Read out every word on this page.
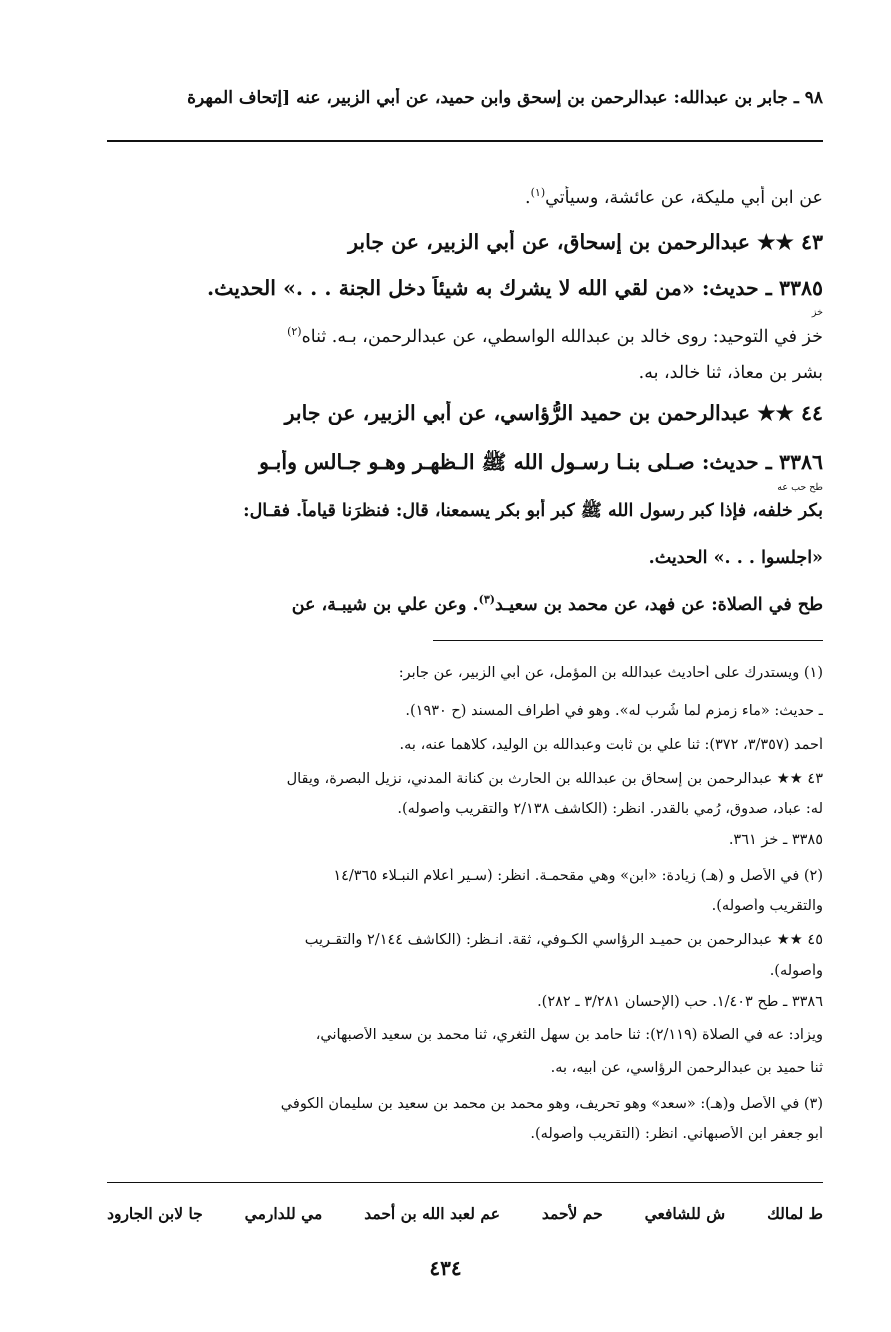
٩٨ ـ جابر بن عبدالله: عبدالرحمن بن إسحق وابن حميد، عن أبي الزبير، عنه [إتحاف المهرة
عن ابن أبي مليكة، عن عائشة، وسيأتي$^{(١)}$.
٤٣ ★★ عبدالرحمن بن إسحاق، عن أبي الزبير، عن جابر
٣٣٨٥ ـ حديث: «من لقي الله لا يشرك به شيئاً دخل الجنة . . .» الحديث.
خز
خز في التوحيد: روى خالد بن عبدالله الواسطي، عن عبدالرحمن، بـه. ثناه$^{(٢)}$
بشر بن معاذ، ثنا خالد، به.
٤٤ ★★ عبدالرحمن بن حميد الرُّؤاسي، عن أبي الزبير، عن جابر
٣٣٨٦ ـ حديث: صـلى بنـا رسـول الله ﷺ الـظهـر وهـو جـالس وأبـو
طح حب عه
بكر خلفه، فإذا كبر رسول الله ﷺ كبر أبو بكر يسمعنا، قال: فنظرَنا قياماً. فقـال:
«اجلسوا . . .» الحديث.
طح في الصلاة: عن فهد، عن محمد بن سعيـد$^{(٣)}$. وعن علي بن شيبـة، عن
(١) ويستدرك على أحاديث عبدالله بن المؤمل، عن أبي الزبير، عن جابر:
ـ حديث: «ماء زمزم لما شُرب له». وهو في أطراف المسند (ح ١٩٣٠).
أحمد (٣/٣٥٧، ٣٧٢): ثنا علي بن ثابت وعبدالله بن الوليد، كلاهما عنه، به.
٤٣ ★★ عبدالرحمن بن إسحاق بن عبدالله بن الحارث بن كنانة المدني، نزيل البصرة، ويقال
له: عباد، صدوق، رُمي بالقدر. انظر: (الكاشف ٢/١٣٨ والتقريب وأصوله).
٣٣٨٥ ـ خز ٣٦١.
(٢) في الأصل و (هـ) زيادة: «ابن» وهي مقحمـة. انظر: (سـير أعلام النبـلاء ١٤/٣٦٥
والتقريب وأصوله).
٤٥ ★★ عبدالرحمن بن حميـد الرؤاسي الكـوفي، ثقة. انـظر: (الكاشف ٢/١٤٤ والتقـريب
وأصوله).
٣٣٨٦ ـ طح ١/٤٠٣. حب (الإحسان ٣/٢٨١ ـ ٢٨٢).
ويزاد: عه في الصلاة (٢/١١٩): ثنا حامد بن سهل الثغري، ثنا محمد بن سعيد الأصبهاني،
ثنا حميد بن عبدالرحمن الرؤاسي، عن أبيه، به.
(٣) في الأصل و(هـ): «سعد» وهو تحريف، وهو محمد بن محمد بن سعيد بن سليمان الكوفي
أبو جعفر ابن الأصبهاني. انظر: (التقريب وأصوله).
ط لمالك
ش للشافعي
حم لأحمد
عم لعبد الله بن أحمد
مي للدارمي
جا لابن الجارود
٤٣٤
